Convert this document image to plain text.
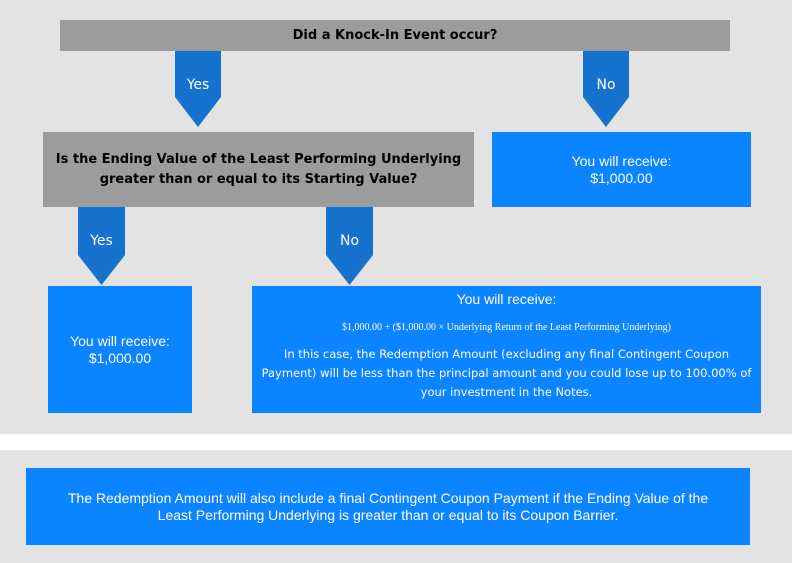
Did a Knock-In Event occur?
Yes	No
Is the Ending Value of the Least Performing Underlying
greater than or equal to its Starting Value?
You will receive:
$1,000.00
Yes	No
You will receive:
$1,000.00
You will receive:
$1,000.00 + ($1,000.00 × Underlying Return of the Least Performing Underlying)
In this case, the Redemption Amount (excluding any final Contingent Coupon Payment) will be less than the principal amount and you could lose up to 100.00% of your investment in the Notes.
The Redemption Amount will also include a final Contingent Coupon Payment if the Ending Value of the
Least Performing Underlying is greater than or equal to its Coupon Barrier.
